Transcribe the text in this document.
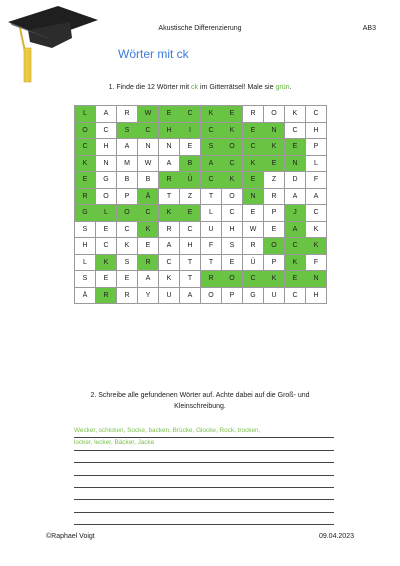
Akustische Differenzierung	AB3
Wörter mit ck
1. Finde die 12 Wörter mit ck im Gitterrätsel! Male sie grün.
L	A	R	W	E	C	K	E	R	O	K	C
O	C	S	C	H	I	C	K	E	N	C	H
C	H	A	N	N	E	S	O	C	K	E	P
K	N	M	W	A	B	A	C	K	E	N	L
E	G	B	B	R	Ü	C	K	E	Z	D	F
R	O	P	Ä	T	Z	T	O	N	R	A	A
G	L	O	C	K	E	L	C	E	P	J	C
S	E	C	K	R	C	U	H	W	E	A	K
H	C	K	E	A	H	F	S	R	O	C	K
L	K	S	R	C	T	T	E	Ü	P	K	F
S	E	E	A	K	T	R	O	C	K	E	N
Ä	R	R	Y	U	A	O	P	G	U	C	H
2. Schreibe alle gefundenen Wörter auf. Achte dabei auf die Groß- und
Kleinschreibung.
Wecker, schicken, Socke, backen, Brücke, Glocke, Rock, trocken,
locker, lecker, Bäcker, Jacke
©Raphael Voigt	09.04.2023
